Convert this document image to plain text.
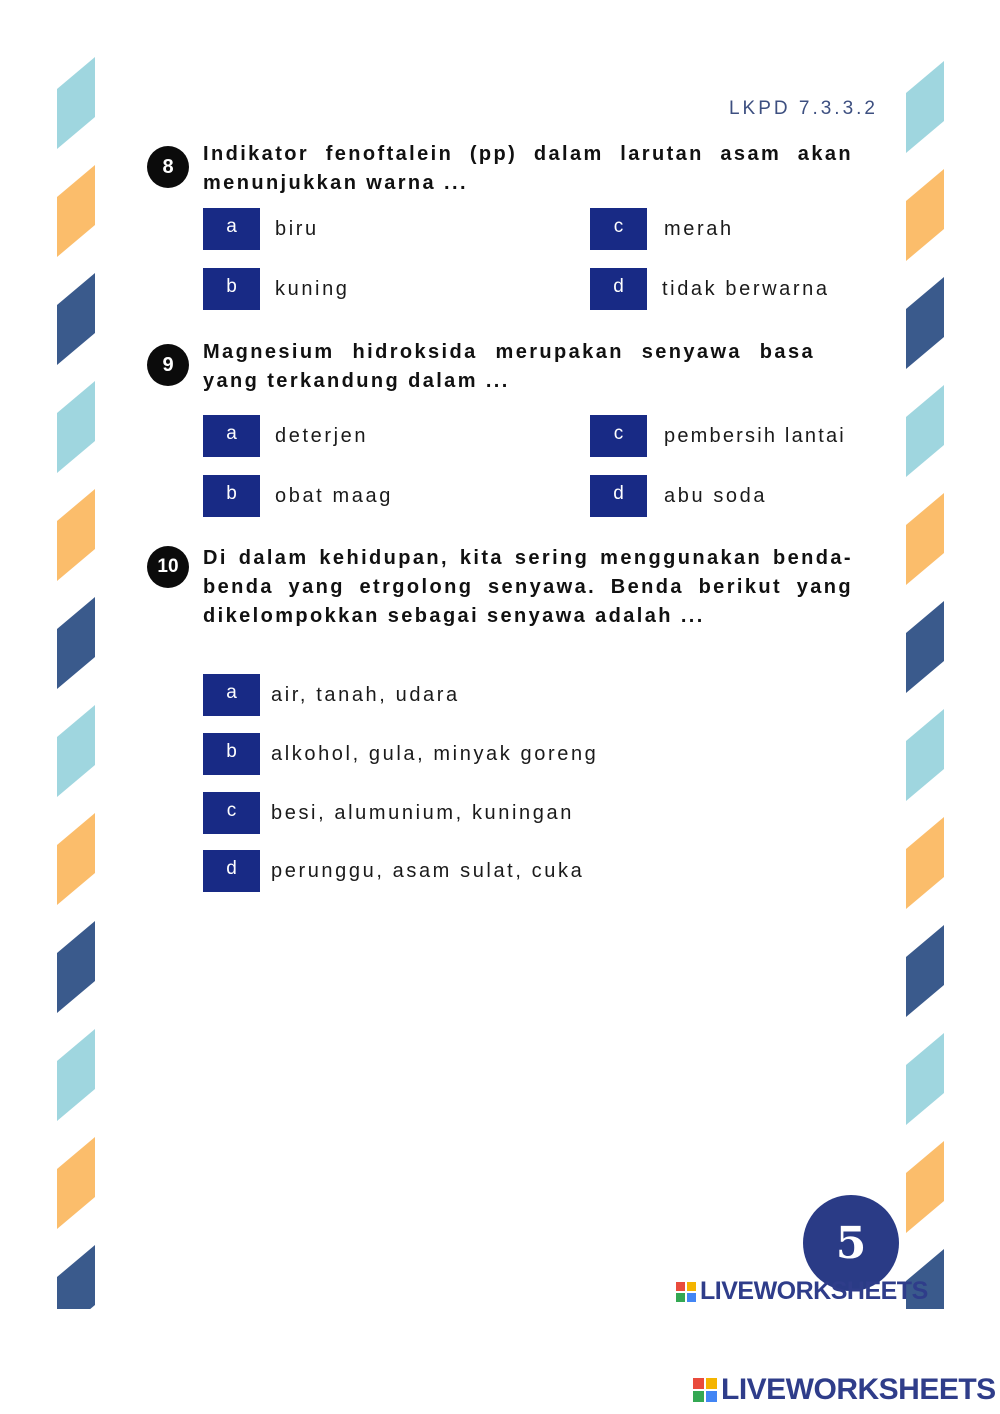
LKPD 7.3.3.2
8
Indikator fenoftalein (pp) dalam larutan asam akan menunjukkan warna ...
a	biru
b	kuning
c	merah
d	tidak berwarna
9
Magnesium hidroksida merupakan senyawa basa yang terkandung dalam ...
a	deterjen
b	obat maag
c	pembersih lantai
d	abu soda
10	Di dalam kehidupan, kita sering menggunakan benda-benda yang etrgolong senyawa. Benda berikut yang dikelompokkan sebagai senyawa adalah ...
a	air, tanah, udara
b	alkohol, gula, minyak goreng
c	besi, alumunium, kuningan
d	perunggu, asam sulat, cuka
5
LIVEWORKSHEETS
LIVEWORKSHEETS
